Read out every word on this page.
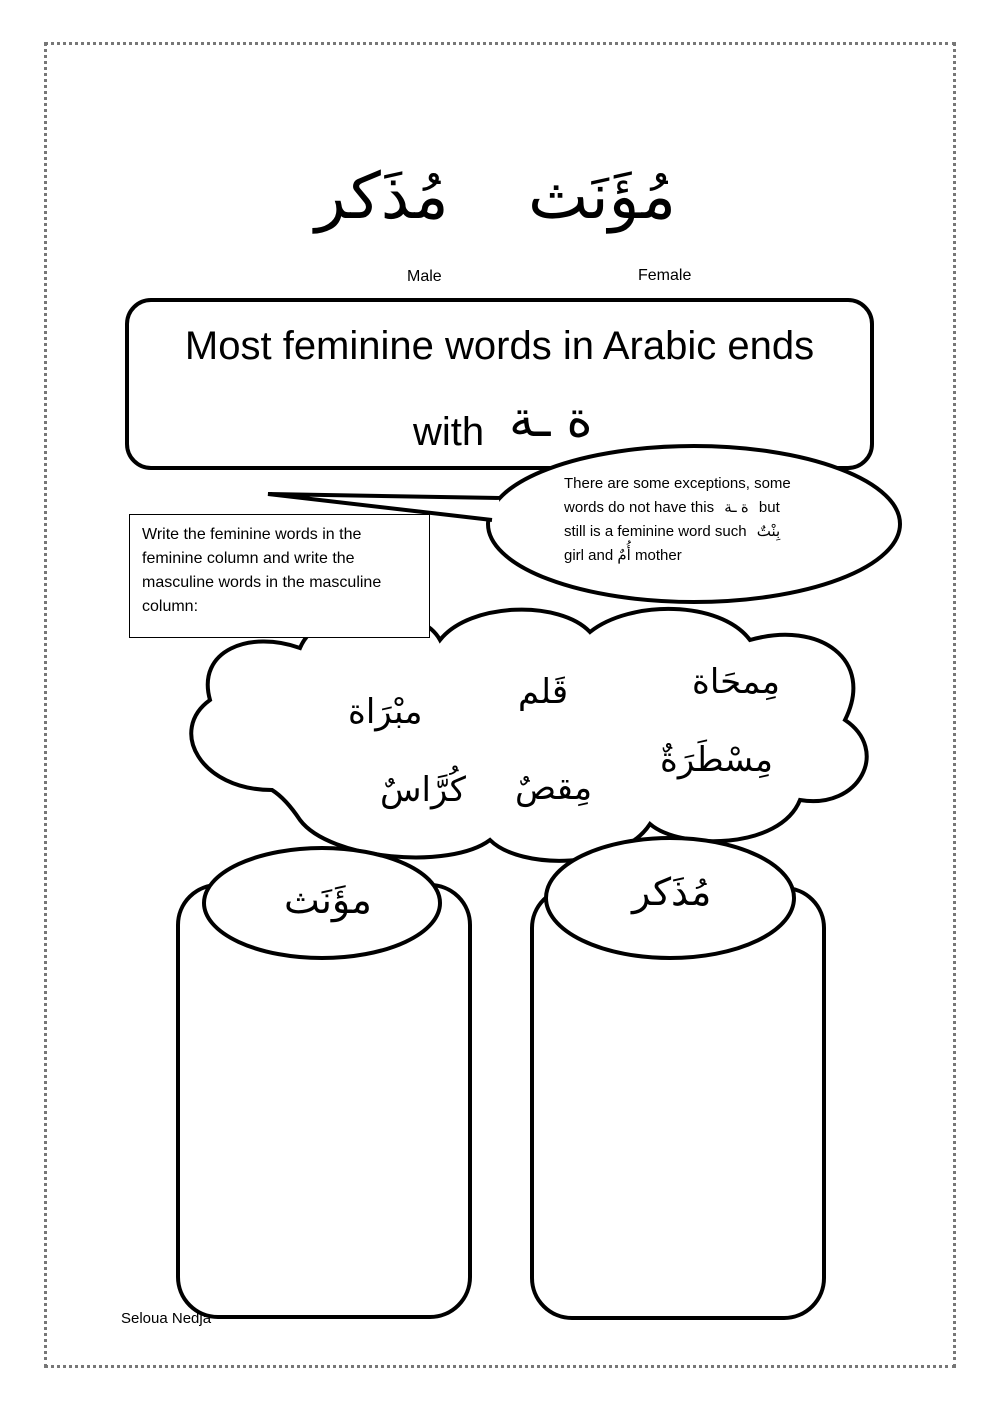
مُؤَنَث
مُذَكر
Male	Female
Most feminine words in Arabic ends
with ة ـة
Write the feminine words in the feminine column and write the masculine words in the masculine column:
There are some exceptions, some
words do not have this ة ـة but
still is a feminine word such بِنْتٌ
girl and أُمٌ mother
مِمحَاة
قَلم
مبْرَاة
مِسْطَرَةٌ
مِقصٌ
كُرَّاسٌ
مؤَنَث	مُذَكر
Seloua Nedja
